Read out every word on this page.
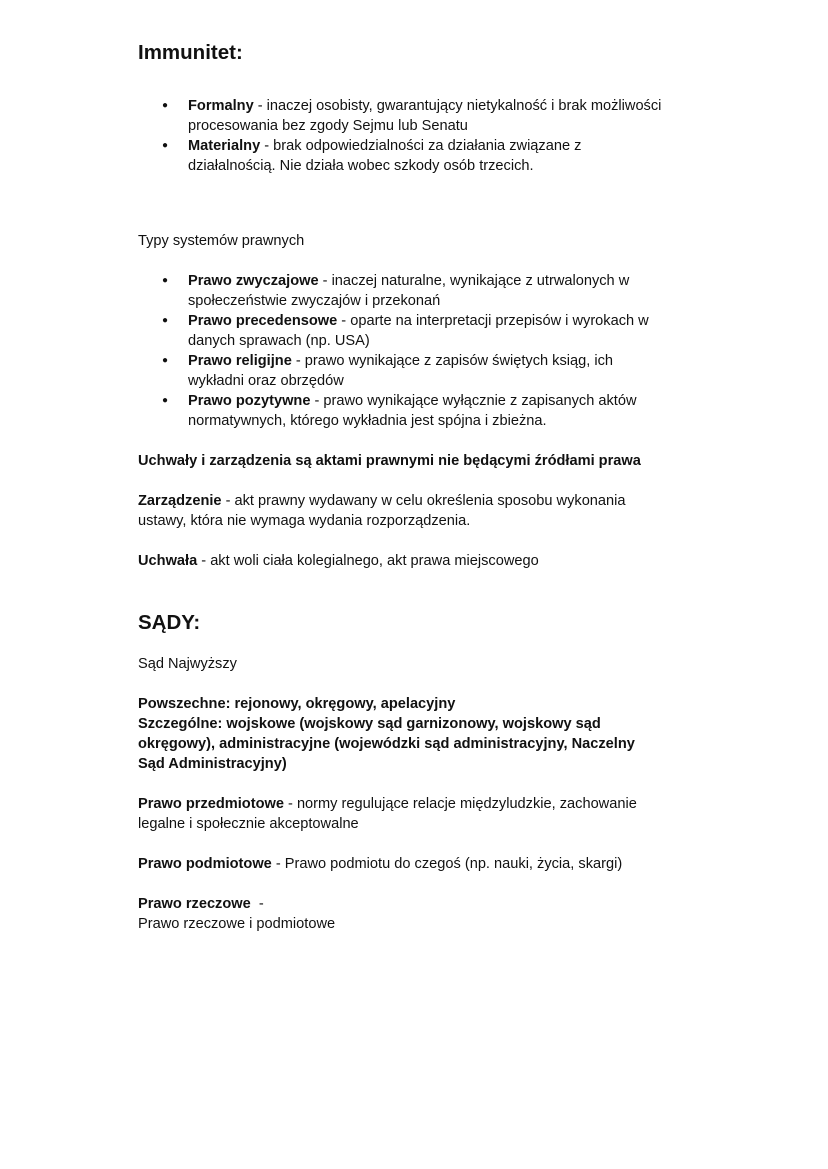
Immunitet:
● Formalny - inaczej osobisty, gwarantujący nietykalność i brak możliwości
procesowania bez zgody Sejmu lub Senatu
● Materialny - brak odpowiedzialności za działania związane z
działalnością. Nie działa wobec szkody osób trzecich.

Typy systemów prawnych

● Prawo zwyczajowe - inaczej naturalne, wynikające z utrwalonych w
społeczeństwie zwyczajów i przekonań
● Prawo precedensowe - oparte na interpretacji przepisów i wyrokach w
danych sprawach (np. USA)
● Prawo religijne - prawo wynikające z zapisów świętych ksiąg, ich
wykładni oraz obrzędów
● Prawo pozytywne - prawo wynikające wyłącznie z zapisanych aktów
normatywnych, którego wykładnia jest spójna i zbieżna.

Uchwały i zarządzenia są aktami prawnymi nie będącymi źródłami prawa

Zarządzenie - akt prawny wydawany w celu określenia sposobu wykonania
ustawy, która nie wymaga wydania rozporządzenia.

Uchwała - akt woli ciała kolegialnego, akt prawa miejscowego

SĄDY:

Sąd Najwyższy

Powszechne: rejonowy, okręgowy, apelacyjny
Szczególne: wojskowe (wojskowy sąd garnizonowy, wojskowy sąd
okręgowy), administracyjne (wojewódzki sąd administracyjny, Naczelny
Sąd Administracyjny)

Prawo przedmiotowe - normy regulujące relacje międzyludzkie, zachowanie
legalne i społecznie akceptowalne

Prawo podmiotowe - Prawo podmiotu do czegoś (np. nauki, życia, skargi)

Prawo rzeczowe  -
Prawo rzeczowe i podmiotowe
